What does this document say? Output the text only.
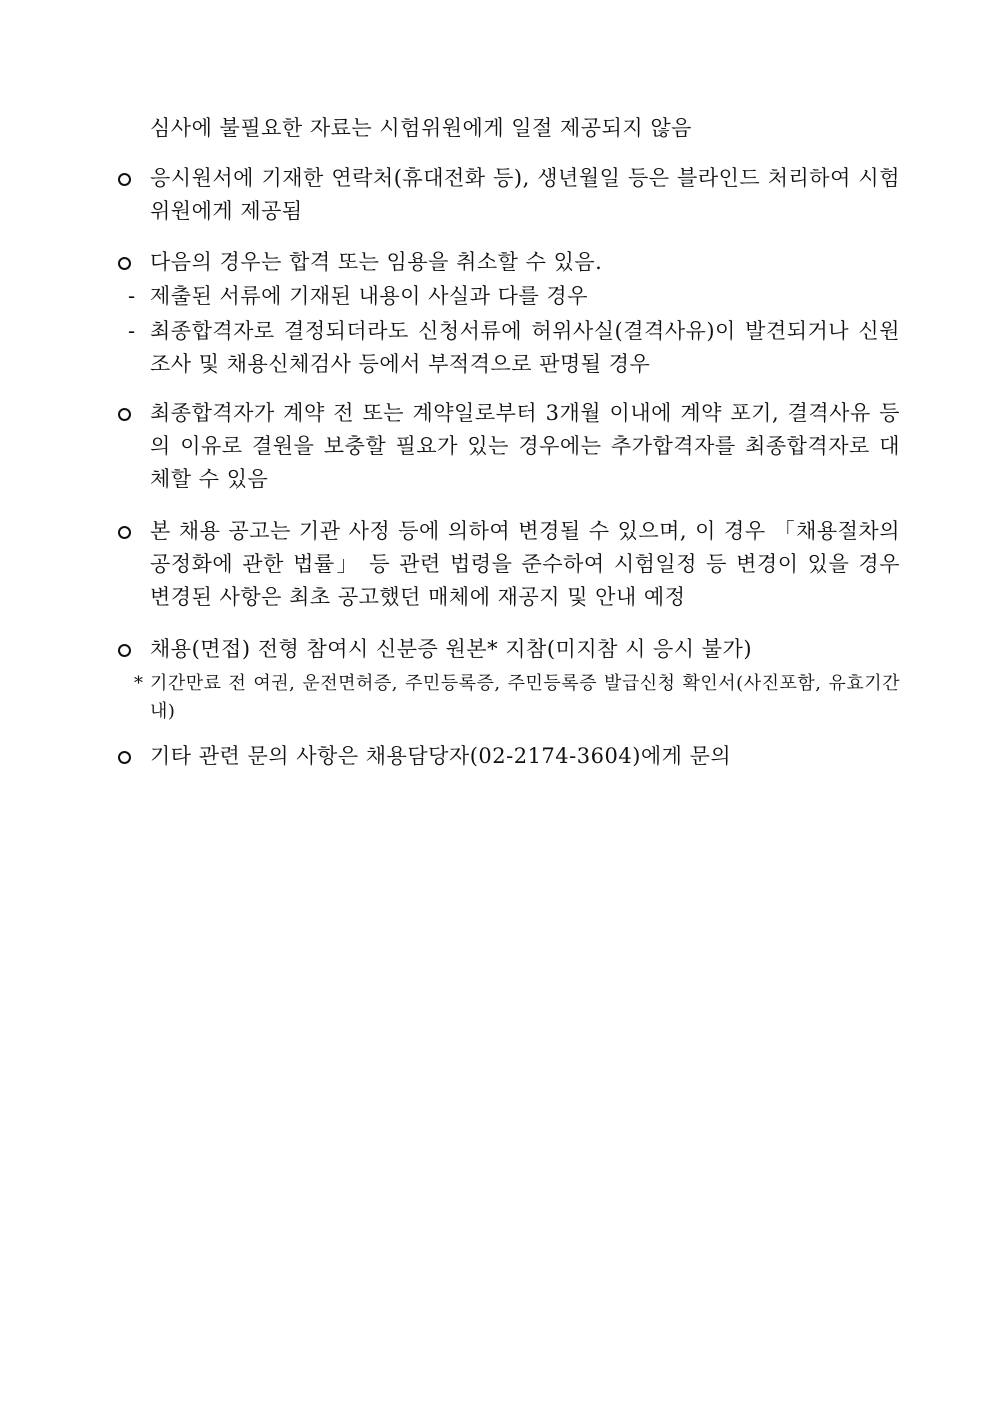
심사에 불필요한 자료는 시험위원에게 일절 제공되지 않음
응시원서에 기재한 연락처(휴대전화 등), 생년월일 등은 블라인드 처리하여 시험위원에게 제공됨
다음의 경우는 합격 또는 임용을 취소할 수 있음.
- 제출된 서류에 기재된 내용이 사실과 다를 경우
- 최종합격자로 결정되더라도 신청서류에 허위사실(결격사유)이 발견되거나 신원조사 및 채용신체검사 등에서 부적격으로 판명될 경우
최종합격자가 계약 전 또는 계약일로부터 3개월 이내에 계약 포기, 결격사유 등의 이유로 결원을 보충할 필요가 있는 경우에는 추가합격자를 최종합격자로 대체할 수 있음
본 채용 공고는 기관 사정 등에 의하여 변경될 수 있으며, 이 경우 「채용절차의 공정화에 관한 법률」 등 관련 법령을 준수하여 시험일정 등 변경이 있을 경우 변경된 사항은 최초 공고했던 매체에 재공지 및 안내 예정
채용(면접) 전형 참여시 신분증 원본* 지참(미지참 시 응시 불가)
* 기간만료 전 여권, 운전면허증, 주민등록증, 주민등록증 발급신청 확인서(사진포함, 유효기간 내)
기타 관련 문의 사항은 채용담당자(02-2174-3604)에게 문의
